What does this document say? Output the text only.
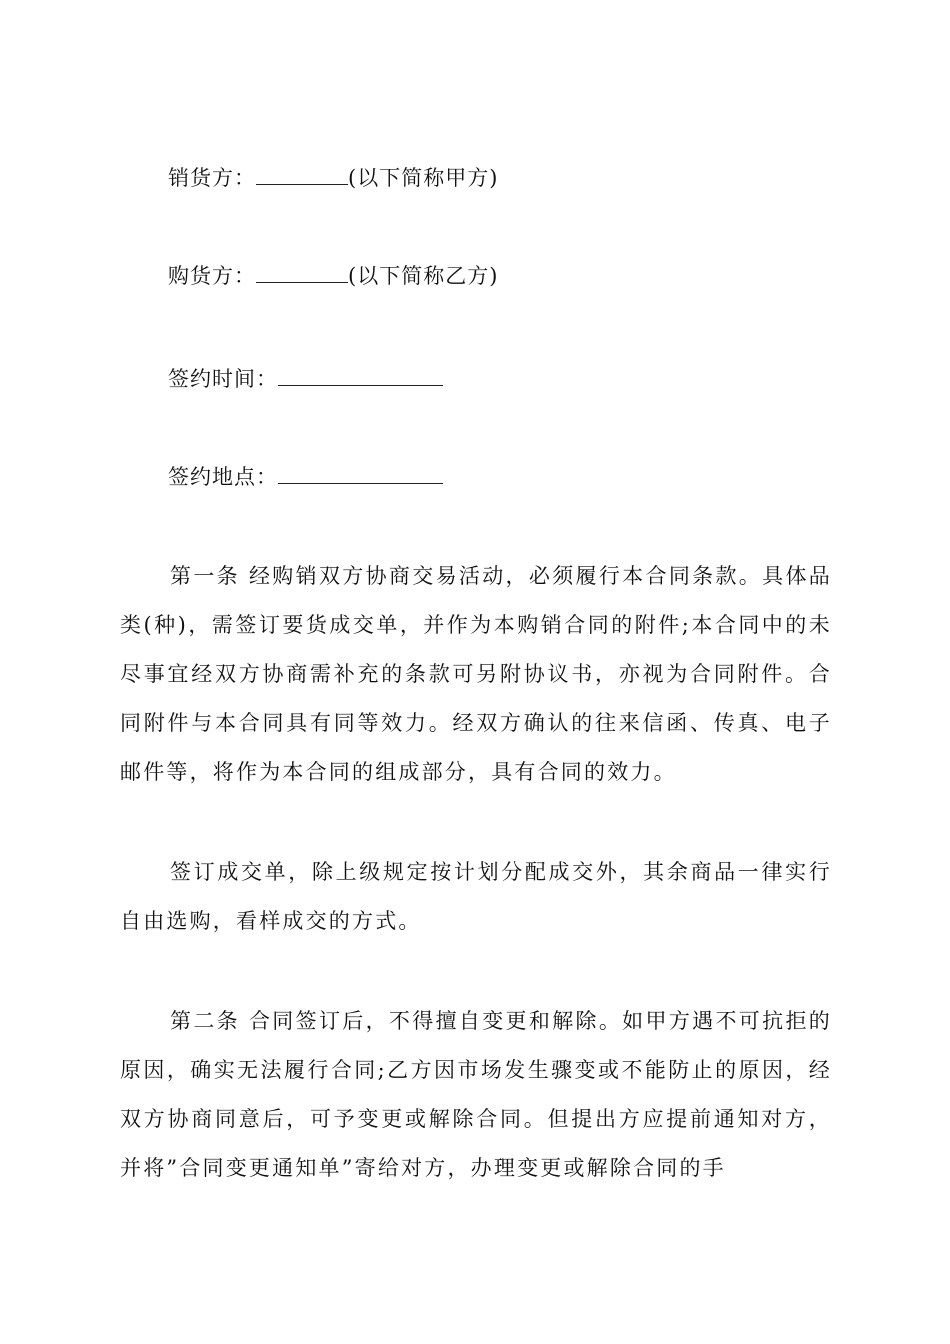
销货方：	(以下简称甲方)
购货方：	(以下简称乙方)
签约时间：
签约地点：

第一条 经购销双方协商交易活动，必须履行本合同条款。具体品类(种)，需签订要货成交单，并作为本购销合同的附件;本合同中的未尽事宜经双方协商需补充的条款可另附协议书，亦视为合同附件。合同附件与本合同具有同等效力。经双方确认的往来信函、传真、电子邮件等，将作为本合同的组成部分，具有合同的效力。

签订成交单，除上级规定按计划分配成交外，其余商品一律实行自由选购，看样成交的方式。

第二条 合同签订后，不得擅自变更和解除。如甲方遇不可抗拒的原因，确实无法履行合同;乙方因市场发生骤变或不能防止的原因，经双方协商同意后，可予变更或解除合同。但提出方应提前通知对方，并将”合同变更通知单”寄给对方，办理变更或解除合同的手
